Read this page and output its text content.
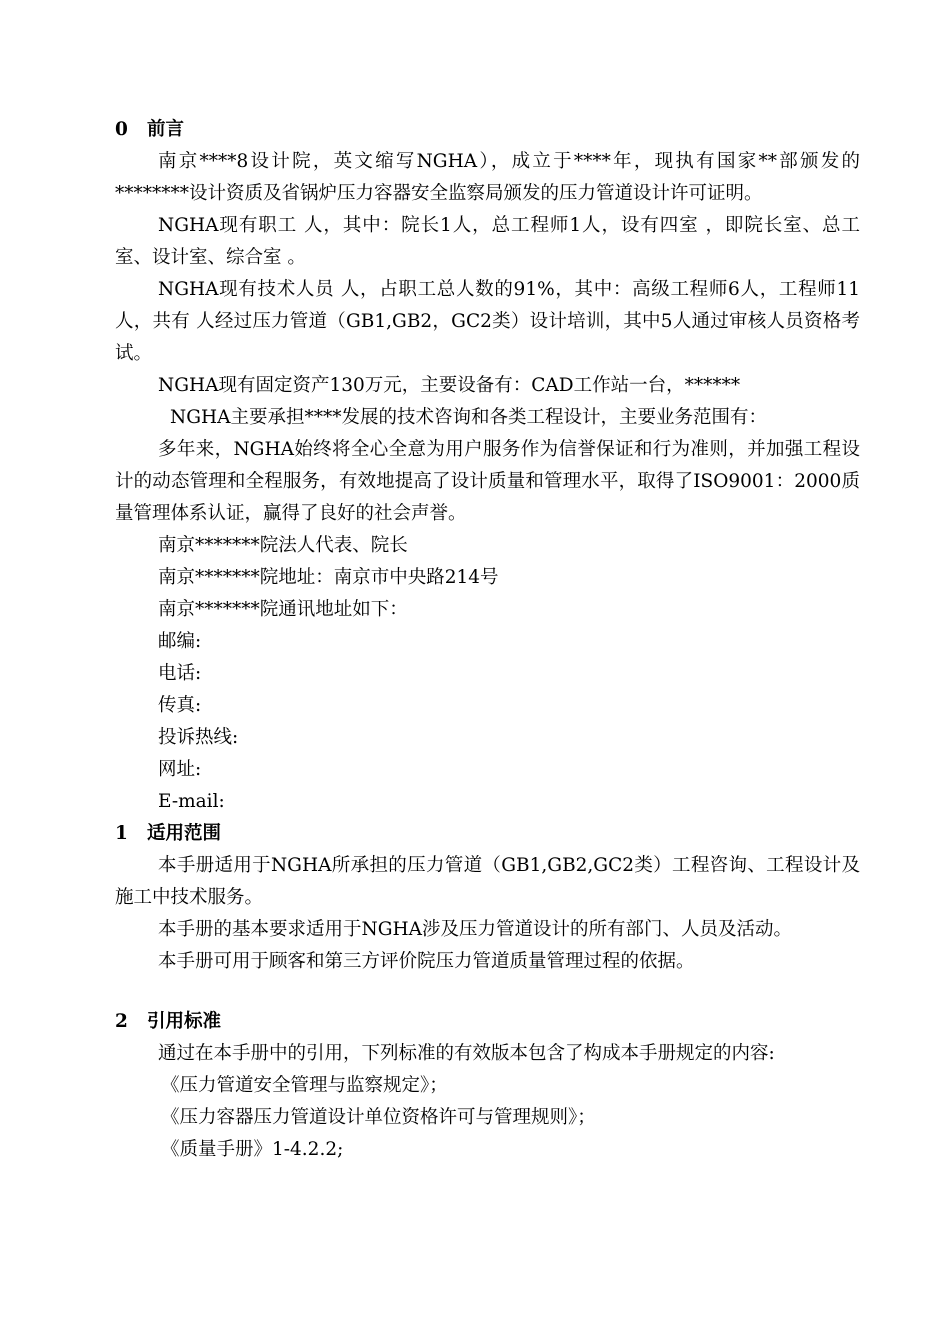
0 前言

南京****8设计院，英文缩写NGHA），成立于****年，现执有国家**部颁发的********设计资质及省锅炉压力容器安全监察局颁发的压力管道设计许可证明。

NGHA现有职工 人，其中：院长1人，总工程师1人，设有四室 ，即院长室、总工室、设计室、综合室 。

NGHA现有技术人员 人，占职工总人数的91%，其中：高级工程师6人，工程师11人，共有 人经过压力管道（GB1,GB2，GC2类）设计培训，其中5人通过审核人员资格考试。

NGHA现有固定资产130万元，主要设备有：CAD工作站一台，******

NGHA主要承担****发展的技术咨询和各类工程设计，主要业务范围有：

多年来，NGHA始终将全心全意为用户服务作为信誉保证和行为准则，并加强工程设计的动态管理和全程服务，有效地提高了设计质量和管理水平，取得了ISO9001：2000质量管理体系认证，赢得了良好的社会声誉。

南京*******院法人代表、院长

南京*******院地址：南京市中央路214号

南京*******院通讯地址如下：

邮编:

电话:

传真:

投诉热线:

网址:

E-mail:

1 适用范围

本手册适用于NGHA所承担的压力管道（GB1,GB2,GC2类）工程咨询、工程设计及施工中技术服务。

本手册的基本要求适用于NGHA涉及压力管道设计的所有部门、人员及活动。

本手册可用于顾客和第三方评价院压力管道质量管理过程的依据。

2 引用标准

通过在本手册中的引用，下列标准的有效版本包含了构成本手册规定的内容:

《压力管道安全管理与监察规定》；

《压力容器压力管道设计单位资格许可与管理规则》；

《质量手册》1-4.2.2;
